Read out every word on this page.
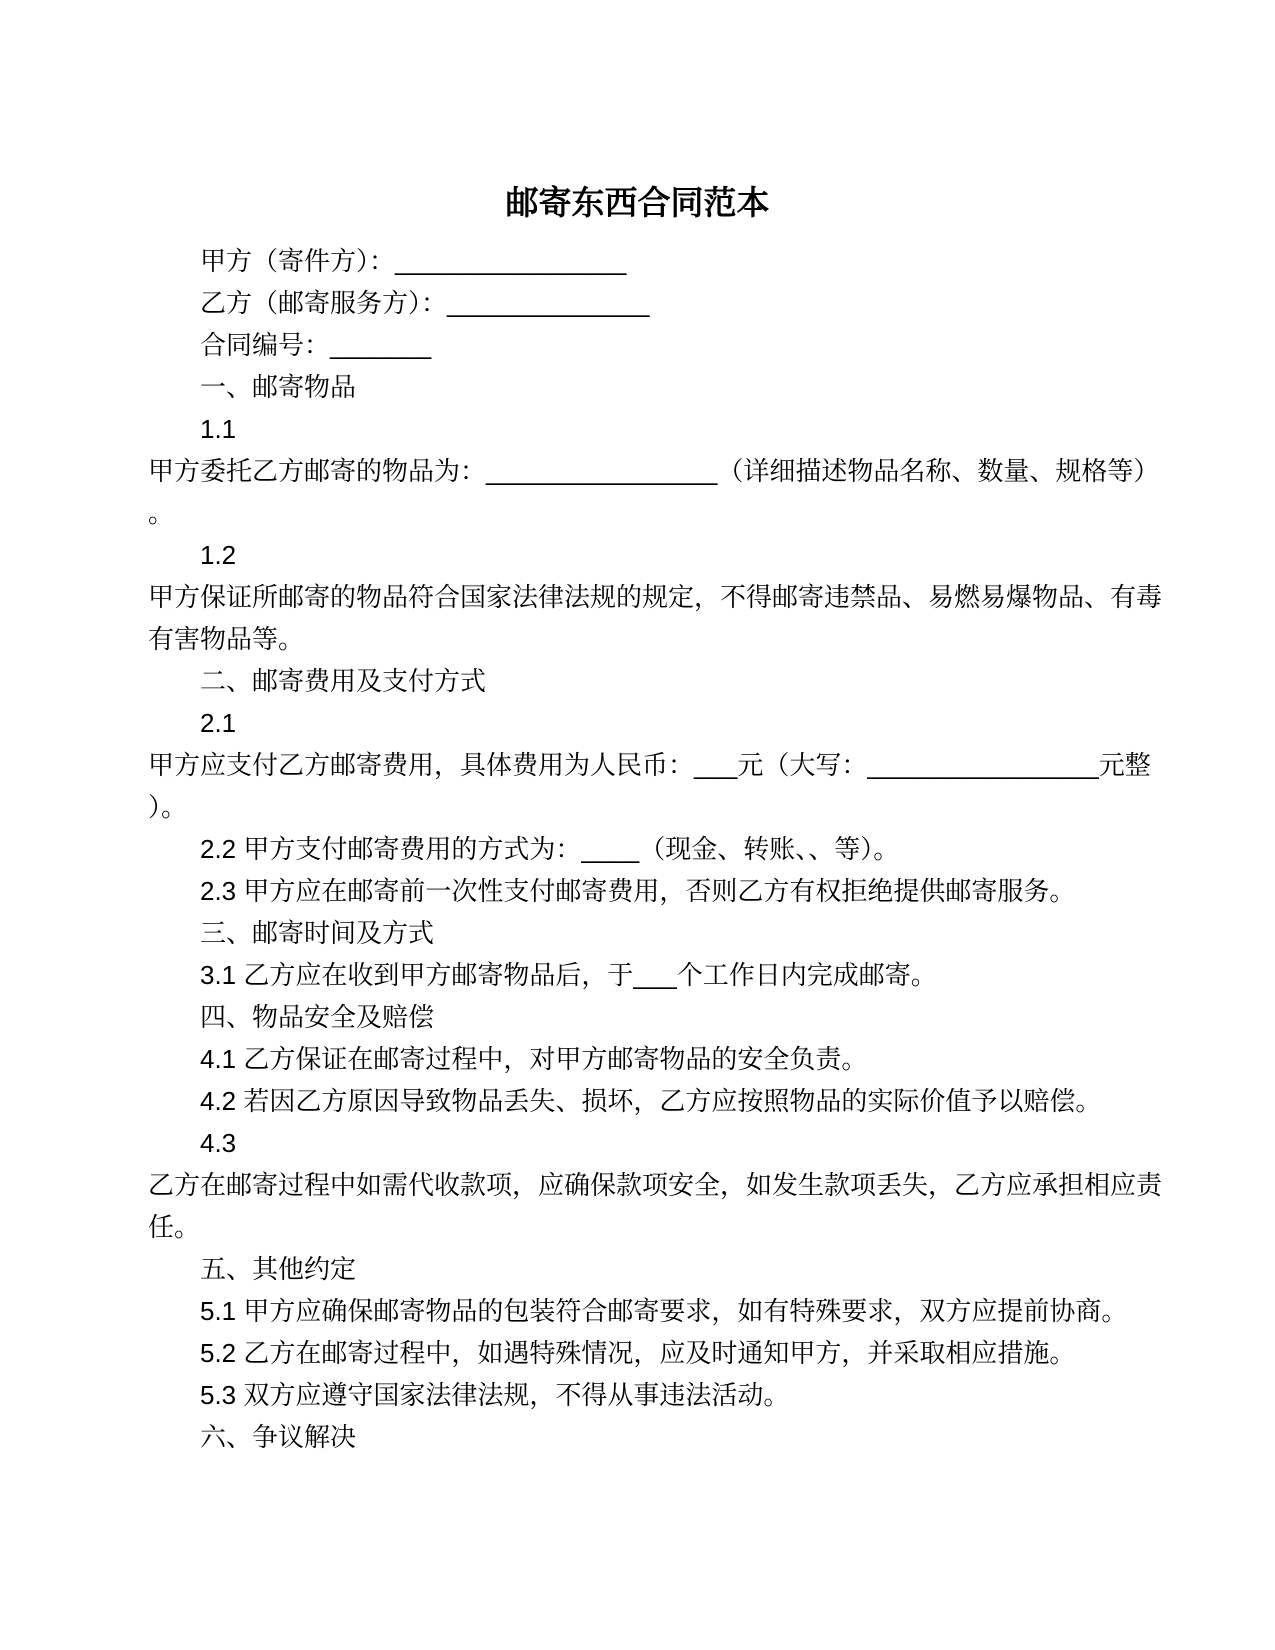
邮寄东西合同范本

甲方（寄件方）：________________

乙方（邮寄服务方）：______________

合同编号：_______

一、邮寄物品

1.1

甲方委托乙方邮寄的物品为：________________（详细描述物品名称、数量、规格等）

。

1.2

甲方保证所邮寄的物品符合国家法律法规的规定，不得邮寄违禁品、易燃易爆物品、有毒

有害物品等。

二、邮寄费用及支付方式

2.1

甲方应支付乙方邮寄费用，具体费用为人民币：___元（大写：________________元整

）。

2.2 甲方支付邮寄费用的方式为：____（现金、转账、、等）。

2.3 甲方应在邮寄前一次性支付邮寄费用，否则乙方有权拒绝提供邮寄服务。

三、邮寄时间及方式

3.1 乙方应在收到甲方邮寄物品后，于___个工作日内完成邮寄。

四、物品安全及赔偿

4.1 乙方保证在邮寄过程中，对甲方邮寄物品的安全负责。

4.2 若因乙方原因导致物品丢失、损坏，乙方应按照物品的实际价值予以赔偿。

4.3

乙方在邮寄过程中如需代收款项，应确保款项安全，如发生款项丢失，乙方应承担相应责

任。

五、其他约定

5.1 甲方应确保邮寄物品的包装符合邮寄要求，如有特殊要求，双方应提前协商。

5.2 乙方在邮寄过程中，如遇特殊情况，应及时通知甲方，并采取相应措施。

5.3 双方应遵守国家法律法规，不得从事违法活动。

六、争议解决
